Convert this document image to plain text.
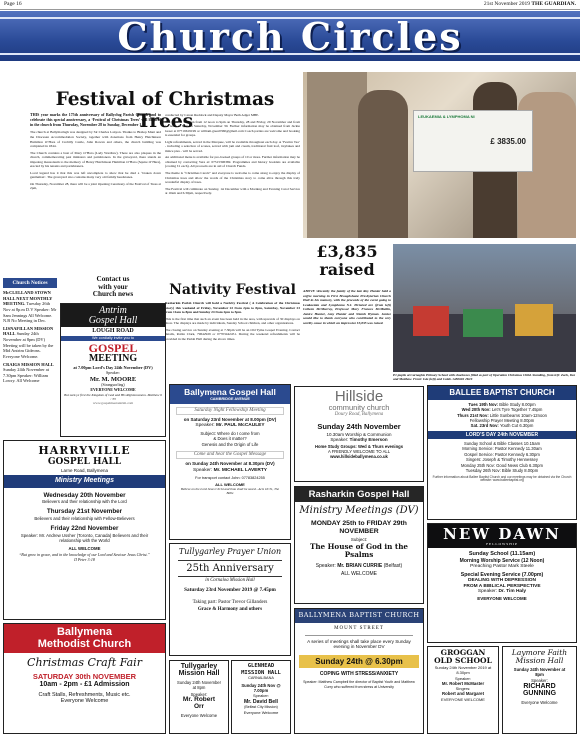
Page 16	21st November 2019 THE GUARDIAN.
Church Circles
Festival of Christmas Trees

THIS year marks the 175th anniversary of Ballyclug Parish Church and to celebrate this special anniversary, a ‘Festival of Christmas Trees’ will be held in the church from Thursday, November 28 to Sunday, December 1.

The church at Ballymarlagh was designed by Sir Charles Lanyon. Thanks to Bishop Mant and the Diocesan Accommodation Society, together with donations from Henry Hutchinson Hamilton O’Hara of Crebilly Castle, John Rowan and others, the church building was completed in 1844.

The Church contains a bust of Mary O’Hara (Lady Wardlaw). There are also plaques in the church, commemorating past ministers and parishioners. In the graveyard, there stands an imposing mausoleum to the memory of Henry Hutchinson Hamilton O’Hara (Squire O’Hara), erected by his tenants and parishioners.

Local legend has it that this was left uncomplete to show that he died a ‘broken down gentleman’. The graveyard also contains many very old family headstones.

On Thursday, November 28, there will be a joint Opening Ceremony of the Festival of Trees at 2pm,

conducted by Canon Ruddock and Deputy Mayor Beth Adger MBE.

The Festival will run from 12 noon to 9pm on Thursday, 28 and Friday, 29 November and from 12 noon to 8pm on Saturday, November 30. Further information may be obtained from Jackie Greer at 07719619199 or william.greer0360@gmail.com Coach parties are welcome and booking is essential for groups.

Light refreshments, served in the Marquee, will be available throughout each day. A ‘Festive Tea’ - including a selection of scones, served with jam and cream, traditional fruit loaf, traybakes and mince pies - will be served.

An additional menu is available for pre-booked groups of 10 or more. Further information may be obtained by contacting Vera at: 07515396369. Programmes and history booklets are available (costing £1 each). All proceeds are in aid of Church Funds.

The theme is “Christmas Carols” and everyone is welcome to come along to enjoy the display of Christmas trees and allow the words of the Christmas story to come alive through this truly wonderful display of trees.

The Festival will culminate on Sunday, 1st December with a Morning and Evening Carol Service at 10am and 6.30pm, respectively.

Nativity Festival

Rasharkin Parish Church will hold a Nativity Festival ( A Celebration of the Christmas Story) this weekend of Friday, November 22 from 2pm to 8pm, Saturday, November 23 from 11am to 8pm and Sunday 24 from 2pm to 5pm.

This is the first time that such an event has been held in the area, with upwards of 30 displays on show. The displays are made by individuals, Sunday School children, and other organisations.

The closing service on Sunday evening at 7.30pm will be an Old Tyme Gospel Evening. Contact details, Robin Clark, 79642929 or 07703442451. During the weekend refreshments will be provided in the Parish Hall during the above times.

LEUKAEMIA & LYMPHOMA NI
£ 3835.00
£3,835
raised
ABOVE :Recently the family of the late Roy Hunter held a coffee morning in First Broughshane Presbyterian Church Hall in his memory, with the proceeds of the event going to Leukaemia and Lymphoma N.I. Pictured are (from left) Colleen McMurray, Professor Mary Frances McMullin, Janice Hunter, Amy Hunter and Niamh Hyman. Janice would like to thank everyone who contributed to the very worthy cause in which an impressive £3,835 was raised.
P1 pupils at Carnaghts Primary School with shoeboxes filled as part of Operation Christmas Child. Standing, from left: Zach, Dee and Matthew. Front: Isla (left) and Caleb. GB0602 JK19
Church Notices

McCLELLAND STOWN HALL NEXT MONTHLY MEETING. Tuesday 26th Nov at 8p.m D.V Speaker: Mr Sam Jennings All Welcome. N.B No Meeting in Dec.

LISNAFILLAN MISSION HALL Sunday 24th November at 8pm (DV) Meeting will be taken by the Mid Antrim Gideons. Everyone Welcome.

CRAIGS MISSION HALL Sunday 24th November at 7.30pm Speaker: William Lowry. All Welcome

Contact us
with your
Church news
Antrim
Gospel Hall
LOUGH ROAD
We cordially invite you to
GOSPEL
MEETING
at 7.00pm Lord’s Day 24th November (DV)
Speaker:
Mr. M. MOORE
(Stranguorling)
EVERYONE WELCOME
But seek ye first the Kingdom of God and His Righteousness. Matthew 6 : 33
www.gospelmeetantrim.com
HARRYVILLE
GOSPEL HALL
Larne Road, Ballymena
Ministry Meetings
Wednesday 20th November
Believers and their relationship with the Lord
Thursday 21st November
Believers and their relationship with Fellow-Believers
Friday 22nd November
Speaker: Mr. Andrew Ussher (Toronto, Canada) Believers and their relationship with the World
ALL WELCOME
“But grow in grace, and in the knowledge of our Lord and Saviour Jesus Christ.” II Peter 3:18
Ballymena
Methodist Church
Christmas Craft Fair
SATURDAY 30th NOVEMBER
10am - 2pm - £1 Admission
Craft Stalls, Refreshments, Music etc.
Everyone Welcome
Ballymena Gospel Hall
CAMBRIDGE AVENUE
Saturday Night Fellowship Meeting
on Saturday 23rd November at 8.00pm (DV)
Speaker: Mr. PAUL McCAULEY
Subject: Where do I come from
& Does it matter?
Genesis and the Origin of Life
Come and hear the Gospel Message
on Sunday 24th November at 8.30pm (DV)
Speaker: Mr. MICHAEL LAVERTY
For transport contact John: 07783824255
ALL WELCOME
Believe on the Lord Jesus Christ and thou shalt be saved - Acts 16:31, The Bible
Tullygarley Prayer Union
25th Anniversary
in Cornaloa Mission Hall
Saturday 23rd November 2019 @ 7.45pm
Taking part: Pastor Trevor Gillanders
Grace & Harmony and others
Tullygarley
Mission Hall
Sunday 24th November at 8pm
Speaker:
Mr. Robert Orr
Everyone Welcome
GLENHEAD
MISSION HALL
CARNALBANA
Sunday 24th Nov @ 7.00pm
Speaker:
Mr. David Bell
(Belfast City Mission)
Everyone Welcome
Hillside
community church
Doury Road, Ballymena
Sunday 24th November
10.30am Worship & Communion
Speaker: Timothy Emerson
Home Study Groups: Wed & Thurs evenings
A FRIENDLY WELCOME TO ALL
www.hillsideballymena.co.uk
Rasharkin Gospel Hall
Ministry Meetings (DV)
MONDAY 25th to FRIDAY 29th NOVEMBER
Subject:
The House of God in the Psalms
Speaker: Mr. BRIAN CURRIE (Belfast)
ALL WELCOME
BALLYMENA BAPTIST CHURCH
MOUNT STREET
A series of meetings shall take place every Sunday evening in November DV
Sunday 24th @ 6.30pm
COPING WITH STRESS/ANXIETY
Speaker: Matthew Campbell the director of Baptist Youth and Matthew Curry who suffered from stress at University
BALLEE BAPTIST CHURCH
Tues 19th Nov: Bible Study 8.00pm
Wed 20th Nov: Let’s Tyre Together 7.45pm
Thurs 21st Nov: Little Sunbeams 10am-12noon
Fellowship Prayer Meeting 8.00pm
Sat. 23rd Nov: Youth Cut 6.30pm
LORD’S DAY 24th NOVEMBER
Sunday School & Bible Classes 10.15am
Morning Service: Pastor Kennedy 11.30am
Gospel Service: Pastor Kennedy 6.30pm
Singers: Joseph & Timothy Hennessey
Monday 25th Nov: Good News Club 6.30pm
Tuesday 26th Nov: Bible Study 8.00pm
Further information about Ballee Baptist Church and our meetings may be obtained via the Church website: www.balleebaptist.org
NEW DAWN
FELLOWSHIP
Sunday School (11.15am)
Morning Worship Service (12 Noon)
Preaching Pastor Mark Steele
Special Evening Service (7.00pm)
DEALING WITH DEPRESSION
FROM A BIBLICAL PERSPECTIVE
Speaker: Dr. Tim Haly
EVERYONE WELCOME
GROGGAN
OLD SCHOOL
Sunday 24th November 2019 at 8.30pm
Speaker:
Mr. Robert McMaster
Singers:
Robert and Margaret
EVERYONE WELCOME
Laymore Faith
Mission Hall
Sunday 24th November at 8pm
Speaker:
RICHARD GUNNING
Everyone Welcome
